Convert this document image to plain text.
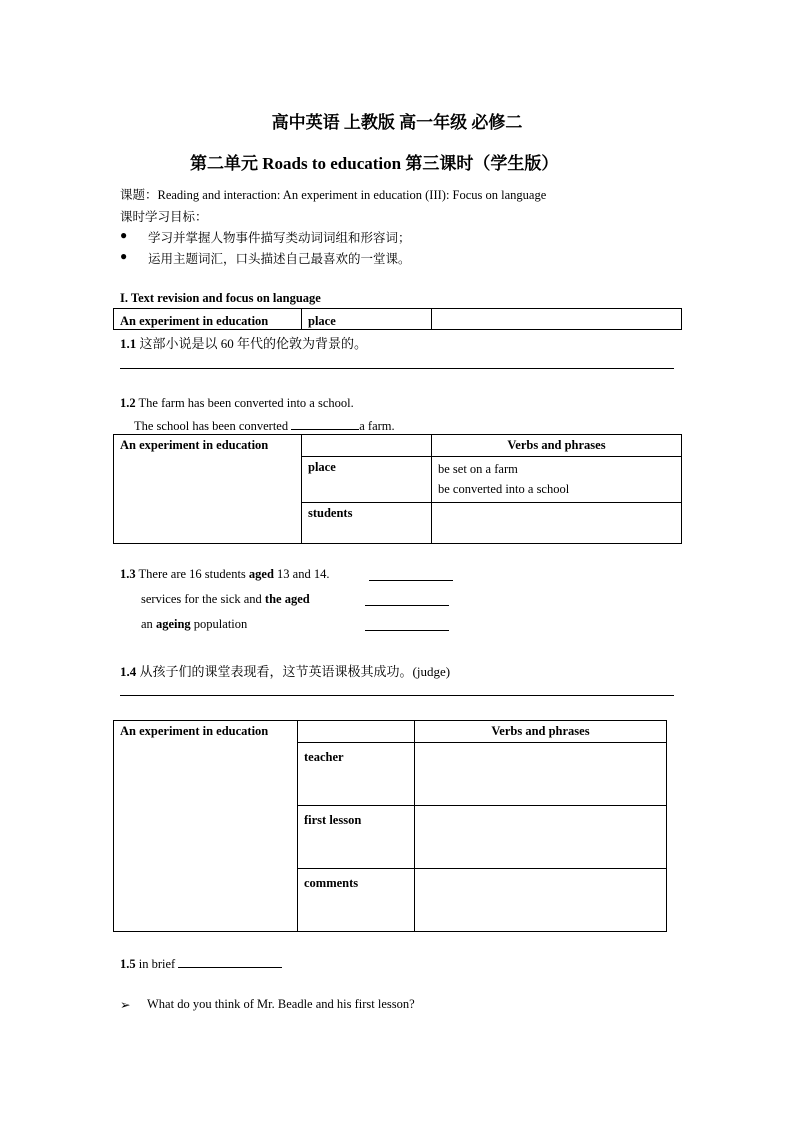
高中英语 上教版 高一年级 必修二
第二单元 Roads to education 第三课时（学生版）
课题：Reading and interaction: An experiment in education (III): Focus on language
课时学习目标：
● 学习并掌握人物事件描写类动词词组和形容词；
● 运用主题词汇，口头描述自己最喜欢的一堂课。
I. Text revision and focus on language
An experiment in education	place	
1.1 这部小说是以 60 年代的伦敦为背景的。
1.2 The farm has been converted into a school.
The school has been converted	a farm.
An experiment in education		Verbs and phrases
	place	be set on a farm
be converted into a school

	students	
1.3 There are 16 students aged 13 and 14.
services for the sick and the aged
an ageing population
1.4 从孩子们的课堂表现看，这节英语课极其成功。(judge)
An experiment in education		Verbs and phrases
	teacher	
	first lesson	
	comments	
1.5 in brief
➢ What do you think of Mr. Beadle and his first lesson?
